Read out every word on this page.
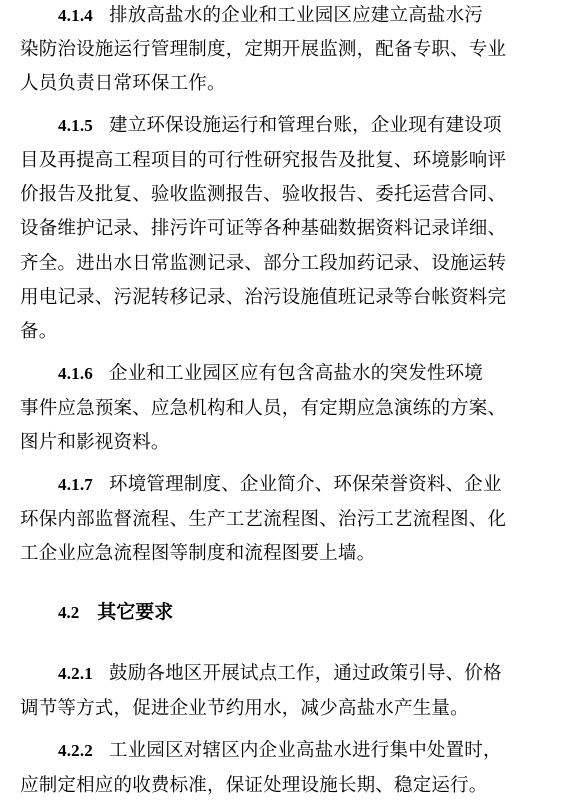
4.1.4 排放高盐水的企业和工业园区应建立高盐水污
染防治设施运行管理制度，定期开展监测，配备专职、专业
人员负责日常环保工作。
4.1.5 建立环保设施运行和管理台账，企业现有建设项
目及再提高工程项目的可行性研究报告及批复、环境影响评
价报告及批复、验收监测报告、验收报告、委托运营合同、
设备维护记录、排污许可证等各种基础数据资料记录详细、
齐全。进出水日常监测记录、部分工段加药记录、设施运转
用电记录、污泥转移记录、治污设施值班记录等台帐资料完
备。
4.1.6 企业和工业园区应有包含高盐水的突发性环境
事件应急预案、应急机构和人员，有定期应急演练的方案、
图片和影视资料。
4.1.7 环境管理制度、企业简介、环保荣誉资料、企业
环保内部监督流程、生产工艺流程图、治污工艺流程图、化
工企业应急流程图等制度和流程图要上墙。
4.2 其它要求
4.2.1 鼓励各地区开展试点工作，通过政策引导、价格
调节等方式，促进企业节约用水，减少高盐水产生量。
4.2.2 工业园区对辖区内企业高盐水进行集中处置时，
应制定相应的收费标准，保证处理设施长期、稳定运行。
